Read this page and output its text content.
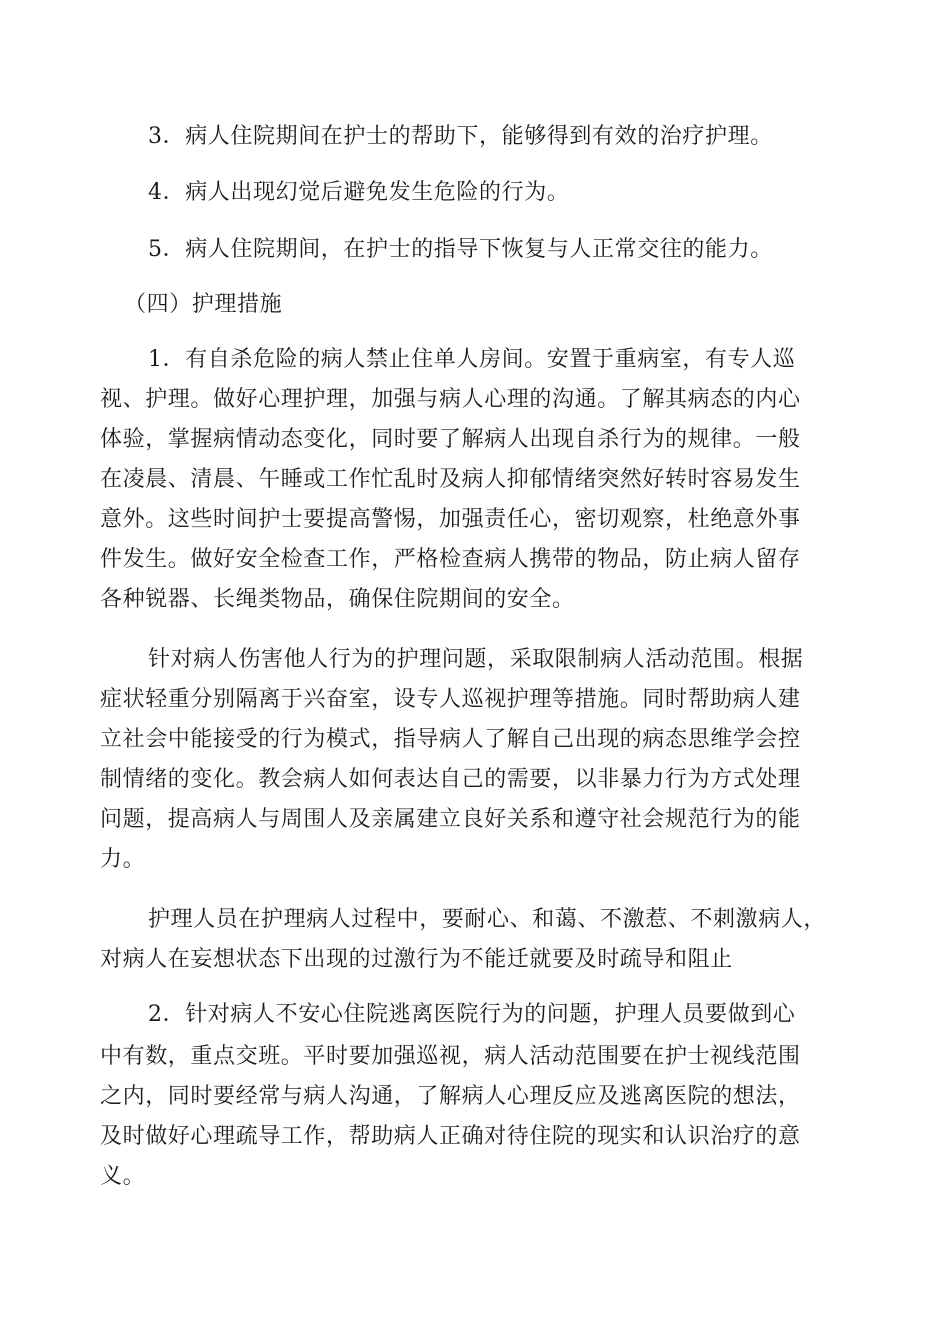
3．病人住院期间在护士的帮助下，能够得到有效的治疗护理。
4．病人出现幻觉后避免发生危险的行为。
5．病人住院期间，在护士的指导下恢复与人正常交往的能力。
（四）护理措施
1．有自杀危险的病人禁止住单人房间。安置于重病室，有专人巡
视、护理。做好心理护理，加强与病人心理的沟通。了解其病态的内心
体验，掌握病情动态变化，同时要了解病人出现自杀行为的规律。一般
在凌晨、清晨、午睡或工作忙乱时及病人抑郁情绪突然好转时容易发生
意外。这些时间护士要提高警惕，加强责任心，密切观察，杜绝意外事
件发生。做好安全检查工作，严格检查病人携带的物品，防止病人留存
各种锐器、长绳类物品，确保住院期间的安全。
针对病人伤害他人行为的护理问题，采取限制病人活动范围。根据
症状轻重分别隔离于兴奋室，设专人巡视护理等措施。同时帮助病人建
立社会中能接受的行为模式，指导病人了解自己出现的病态思维学会控
制情绪的变化。教会病人如何表达自己的需要，以非暴力行为方式处理
问题，提高病人与周围人及亲属建立良好关系和遵守社会规范行为的能
力。
护理人员在护理病人过程中，要耐心、和蔼、不激惹、不刺激病人，
对病人在妄想状态下出现的过激行为不能迁就要及时疏导和阻止
2．针对病人不安心住院逃离医院行为的问题，护理人员要做到心
中有数，重点交班。平时要加强巡视，病人活动范围要在护士视线范围
之内，同时要经常与病人沟通，了解病人心理反应及逃离医院的想法，
及时做好心理疏导工作，帮助病人正确对待住院的现实和认识治疗的意
义。
